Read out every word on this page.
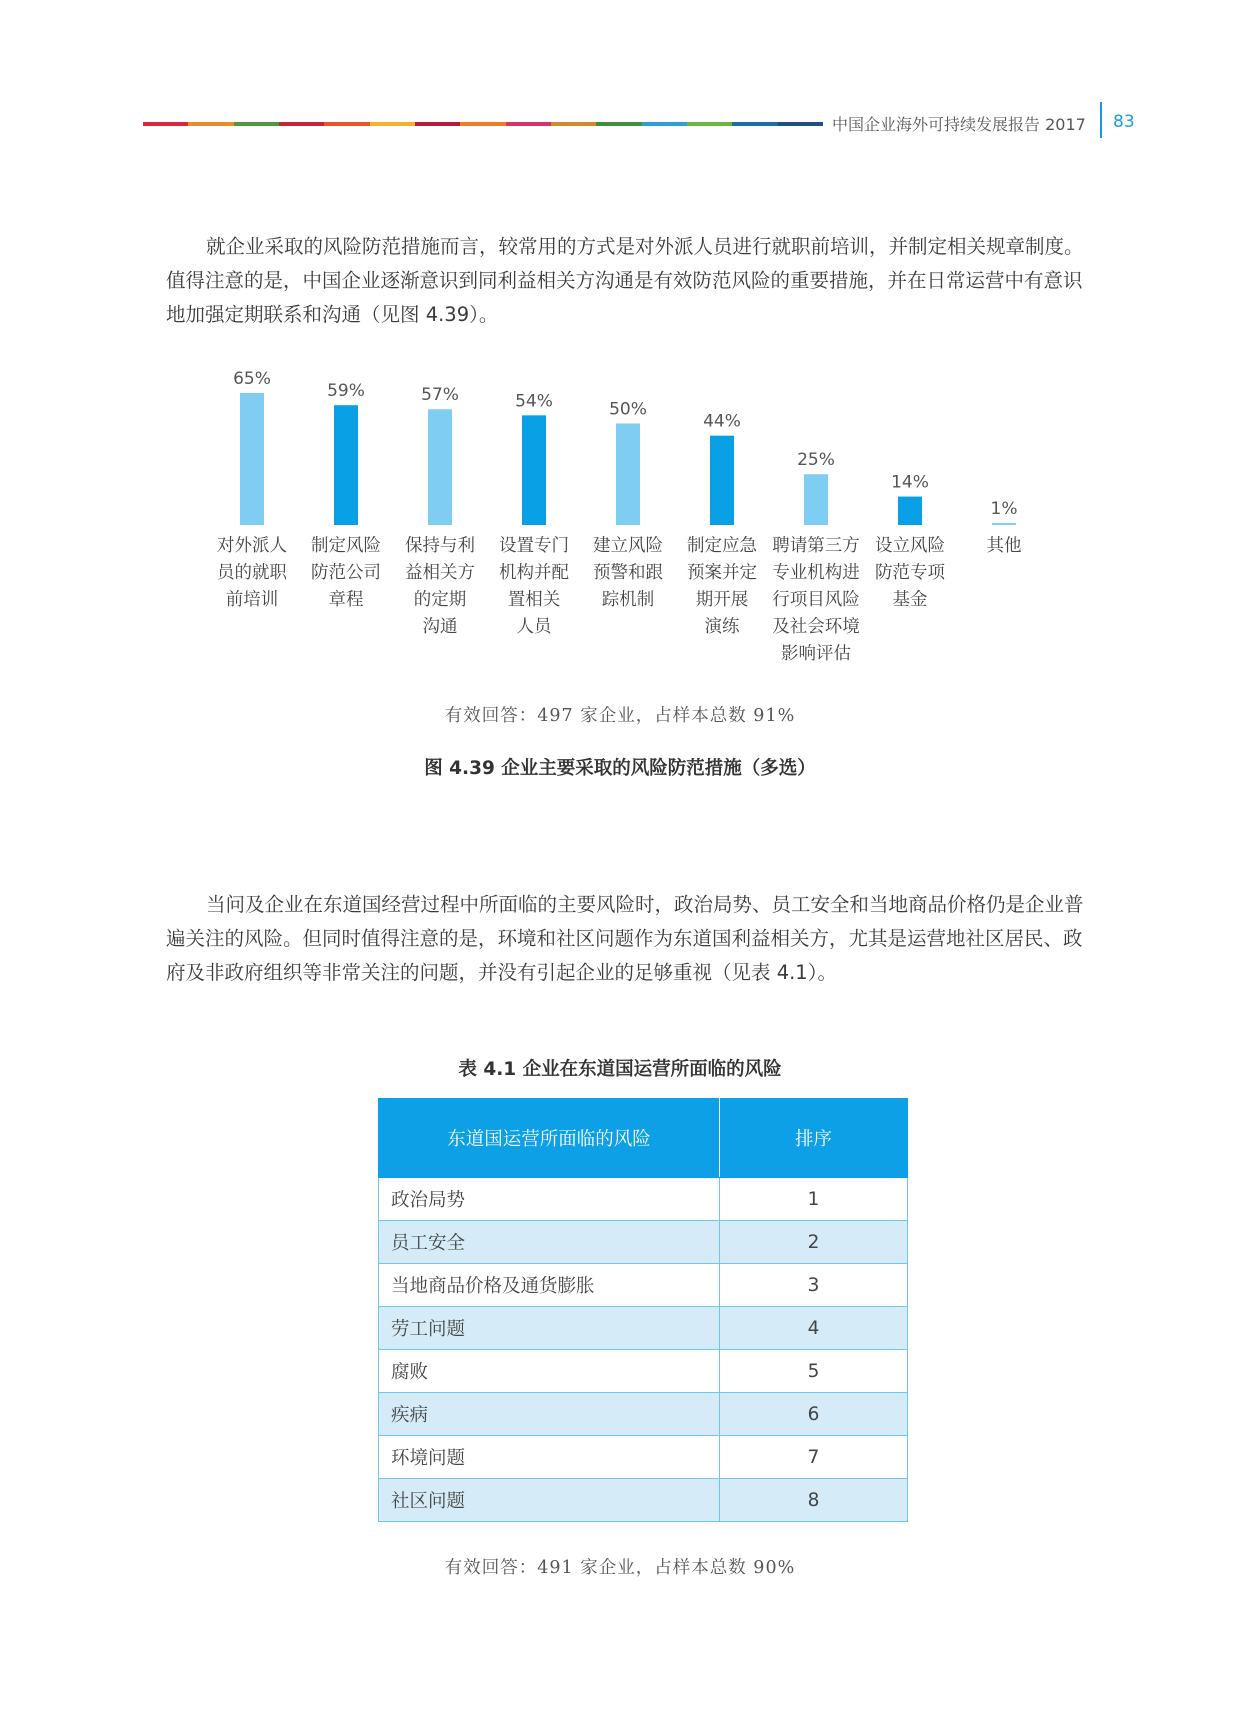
中国企业海外可持续发展报告 2017 83

就企业采取的风险防范措施而言，较常用的方式是对外派人员进行就职前培训，并制定相关规章制度。值得注意的是，中国企业逐渐意识到同利益相关方沟通是有效防范风险的重要措施，并在日常运营中有意识地加强定期联系和沟通（见图 4.39）。

65%
59%	57%	54%	50%
44%
25%
14%
1%
对外派人
员的就职
前培训
制定风险
防范公司
章程
保持与利
益相关方
的定期
沟通
设置专门
机构并配
置相关
人员
建立风险
预警和跟
踪机制
制定应急
预案并定
期开展
演练
聘请第三方
专业机构进
行项目风险
及社会环境
影响评估
设立风险
防范专项
基金
其他
有效回答：497 家企业，占样本总数 91%
图 4.39 企业主要采取的风险防范措施（多选）

当问及企业在东道国经营过程中所面临的主要风险时，政治局势、员工安全和当地商品价格仍是企业普遍关注的风险。但同时值得注意的是，环境和社区问题作为东道国利益相关方，尤其是运营地社区居民、政府及非政府组织等非常关注的问题，并没有引起企业的足够重视（见表 4.1）。

表 4.1 企业在东道国运营所面临的风险
东道国运营所面临的风险	排序
政治局势	1
员工安全	2
当地商品价格及通货膨胀	3
劳工问题	4
腐败	5
疾病	6
环境问题	7
社区问题	8
有效回答：491 家企业，占样本总数 90%
